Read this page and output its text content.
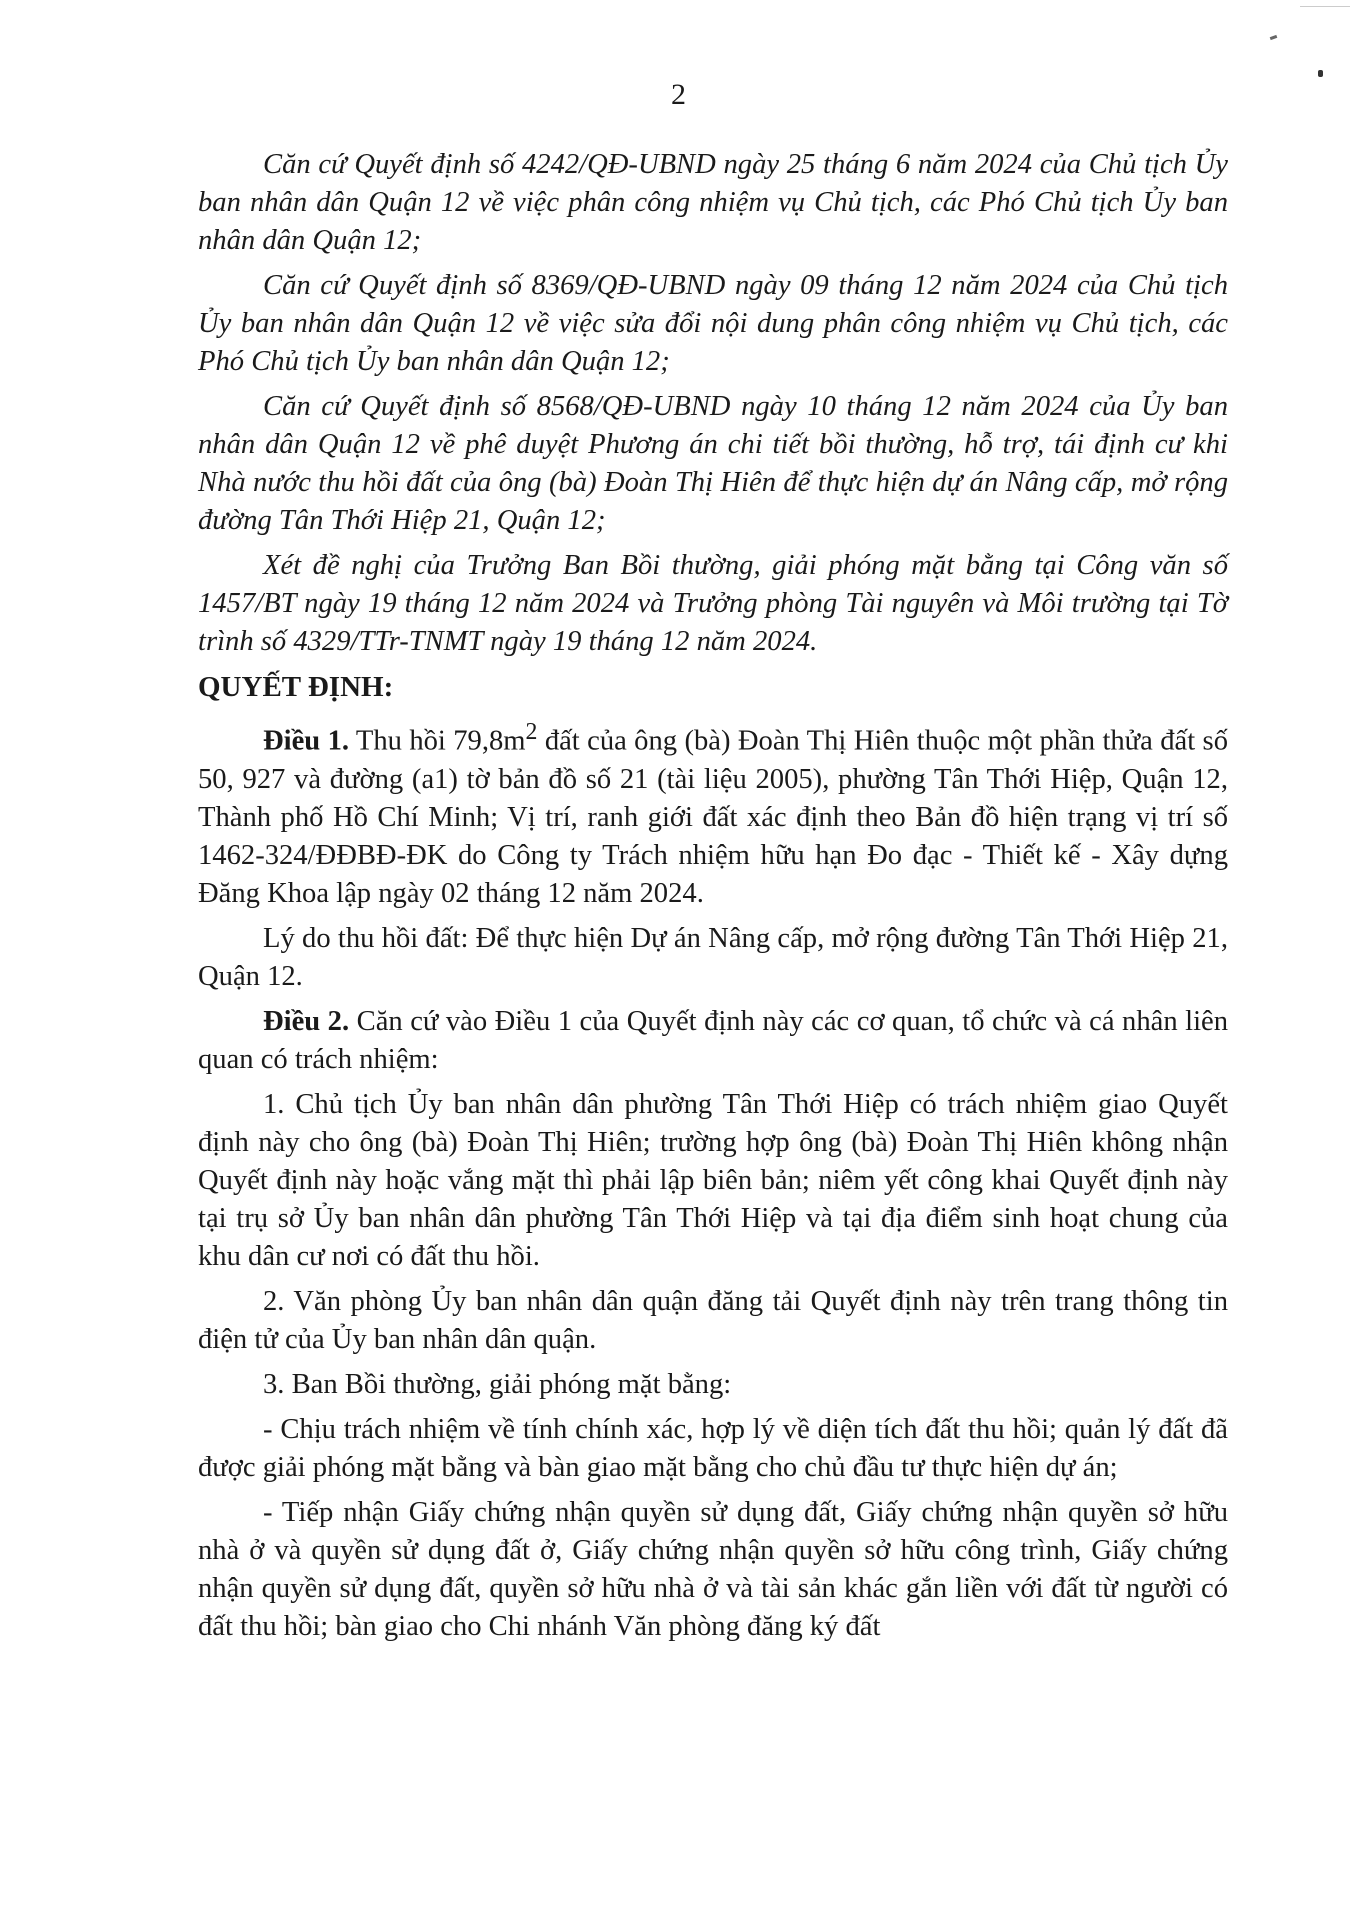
2

Căn cứ Quyết định số 4242/QĐ-UBND ngày 25 tháng 6 năm 2024 của Chủ tịch Ủy ban nhân dân Quận 12 về việc phân công nhiệm vụ Chủ tịch, các Phó Chủ tịch Ủy ban nhân dân Quận 12;

Căn cứ Quyết định số 8369/QĐ-UBND ngày 09 tháng 12 năm 2024 của Chủ tịch Ủy ban nhân dân Quận 12 về việc sửa đổi nội dung phân công nhiệm vụ Chủ tịch, các Phó Chủ tịch Ủy ban nhân dân Quận 12;

Căn cứ Quyết định số 8568/QĐ-UBND ngày 10 tháng 12 năm 2024 của Ủy ban nhân dân Quận 12 về phê duyệt Phương án chi tiết bồi thường, hỗ trợ, tái định cư khi Nhà nước thu hồi đất của ông (bà) Đoàn Thị Hiên để thực hiện dự án Nâng cấp, mở rộng đường Tân Thới Hiệp 21, Quận 12;

Xét đề nghị của Trưởng Ban Bồi thường, giải phóng mặt bằng tại Công văn số 1457/BT ngày 19 tháng 12 năm 2024 và Trưởng phòng Tài nguyên và Môi trường tại Tờ trình số 4329/TTr-TNMT ngày 19 tháng 12 năm 2024.

QUYẾT ĐỊNH:

Điều 1. Thu hồi $79,8m^2$ đất của ông (bà) Đoàn Thị Hiên thuộc một phần thửa đất số 50, 927 và đường (a1) tờ bản đồ số 21 (tài liệu 2005), phường Tân Thới Hiệp, Quận 12, Thành phố Hồ Chí Minh; Vị trí, ranh giới đất xác định theo Bản đồ hiện trạng vị trí số 1462-324/ĐĐBĐ-ĐK do Công ty Trách nhiệm hữu hạn Đo đạc - Thiết kế - Xây dựng Đăng Khoa lập ngày 02 tháng 12 năm 2024.

Lý do thu hồi đất: Để thực hiện Dự án Nâng cấp, mở rộng đường Tân Thới Hiệp 21, Quận 12.

Điều 2. Căn cứ vào Điều 1 của Quyết định này các cơ quan, tổ chức và cá nhân liên quan có trách nhiệm:

1. Chủ tịch Ủy ban nhân dân phường Tân Thới Hiệp có trách nhiệm giao Quyết định này cho ông (bà) Đoàn Thị Hiên; trường hợp ông (bà) Đoàn Thị Hiên không nhận Quyết định này hoặc vắng mặt thì phải lập biên bản; niêm yết công khai Quyết định này tại trụ sở Ủy ban nhân dân phường Tân Thới Hiệp và tại địa điểm sinh hoạt chung của khu dân cư nơi có đất thu hồi.

2. Văn phòng Ủy ban nhân dân quận đăng tải Quyết định này trên trang thông tin điện tử của Ủy ban nhân dân quận.

3. Ban Bồi thường, giải phóng mặt bằng:

- Chịu trách nhiệm về tính chính xác, hợp lý về diện tích đất thu hồi; quản lý đất đã được giải phóng mặt bằng và bàn giao mặt bằng cho chủ đầu tư thực hiện dự án;

- Tiếp nhận Giấy chứng nhận quyền sử dụng đất, Giấy chứng nhận quyền sở hữu nhà ở và quyền sử dụng đất ở, Giấy chứng nhận quyền sở hữu công trình, Giấy chứng nhận quyền sử dụng đất, quyền sở hữu nhà ở và tài sản khác gắn liền với đất từ người có đất thu hồi; bàn giao cho Chi nhánh Văn phòng đăng ký đất
